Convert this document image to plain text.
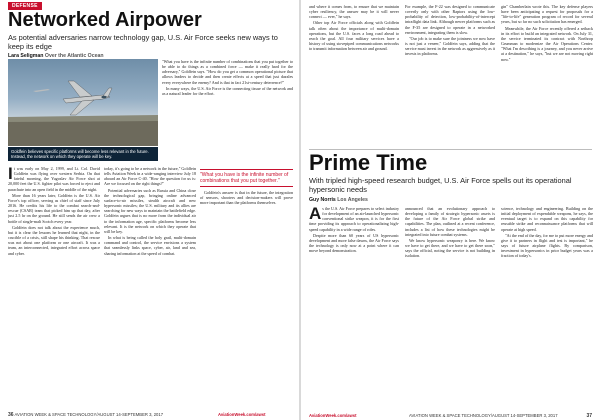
DEFENSE
Networked Airpower
As potential adversaries narrow technology gap, U.S. Air Force seeks new ways to keep its edge
Lara Seligman Over the Atlantic Ocean
Goldfein believes specific platforms will become less relevant in the future. Instead, the network on which they operate will be key.
I t was early on May 2, 1999, and Lt. Col. David Goldfein was flying over western Serbia. On that fateful morning, the Yugoslav Air Force shot at 20,000 feet the U.S. fighter pilot was forced to eject and parachute into an open field in the middle of the night.

More than 16 years later, Goldfein is the U.S. Air Force's top officer, serving as chief of staff since July 2016. He credits his life to the combat search-and-rescue (CSAR) team that picked him up that day, after just 2.5 hr on the ground. He still sends the air crew a bottle of single-malt Scotch every year.

Goldfein does not talk about the experience much, but it is clear the lessons he learned that night, in the crucible of a crisis, still shape his thinking. That rescue was not about one platform or one aircraft. It was a team, an interconnected, integrated effort across space and cyber.

today, it's going to be a network in the future," Goldfein tells Aviation Week in a wide-ranging interview July 18 aboard an Air Force C-40. "How the question for us is: Are we focused on the right things?"

Potential adversaries such as Russia and China close the technological gap, bringing online advanced surface-to-air missiles, stealth aircraft and new hypersonic missiles; the U.S. military and its allies are searching for new ways to maintain the battlefield edge. Goldfein argues that is no more from the individual air to the information age, specific platforms become less relevant. It is the network on which they operate that will be key.

In what is being called the holy grail, multi-domain command and control, the service envisions a system that seamlessly links space, cyber, air, land and sea, sharing information at the speed of combat.

"What you have is the infinite number of combinations that you put together to be able to do things as a combined force — make it really hard for the adversary," Goldfein says. "How do you get a common operational picture that allows leaders to decide and then create effects at a speed that just dazzles every everywhere the enemy? And is that in fact 21st-century deterrence?"

In many ways, the U.S. Air Force is the connecting tissue of the network and as a natural leader for the effort.

"What you have is the infinite number of combinations that you put together."

Goldfein's answer is that in the future, the integration of sensors, shooters and decision-makers will prove more important than the platforms themselves.

36 AVIATION WEEK & SPACE TECHNOLOGY/AUGUST 14-SEPTEMBER 3, 2017	AviationWeek.com/awst

and where it comes from, to ensure that we maintain cyber resiliency, the answer may be it will never connect — ever," he says.

Other top Air Force officials along with Goldfein talk often about the importance of multi-domain operations, but the U.S. faces a long road ahead to reach the goal. All four military services have a history of using stovepiped communications networks to transmit information between air and ground.

For example, the F-22 was designed to communicate covertly only with other Raptors using the low-probability of detection, low-probability-of-intercept intraflight data link. Although newer platforms such as the F-35 are designed to operate in a networked environment, integrating them is slow.

"Our job is to make sure the jointness we now have is not just a veneer," Goldfein says, adding that the service must invest in the network as aggressively as it invests in platforms.

gin" Chamberlain wrote this. The key defense players have been anticipating a request for proposals for a "life-to-life" generation program of record for several years, but so far no such solicitation has emerged.

Meanwhile, the Air Force recently offered a setback in its effort to build an integrated network. On July 31, the service terminated its contract with Northrop Grumman to modernize the Air Operations Center. "What I'm describing is a journey, and you never arrive at a destination," he says, "but we are not moving right now."

Prime Time
With tripled high-speed research budget, U.S. Air Force spells out its operational hypersonic needs
Guy Norris Los Angeles
A s the U.S. Air Force prepares to select industry for development of an air-launched hypersonic conventional strike weapon, it is for the first time providing its approach to operationalizing high-speed capability in a wide range of roles.

Despite more than 60 years of US hypersonic development and more false dawns, the Air Force says the technology is only now at a point where it can move beyond demonstration.

announced that an evolutionary approach to developing a family of strategic hypersonic assets is the future of the Air Force global strike and capabilities. The plan, outlined at a recent conference, includes a list of how these technologies might be integrated into future combat systems.

We know hypersonic weaponry is here. We know we have to get there, and we have to get there soon," says the official, noting the service is not building in isolation.

science, technology and engineering. Building on the initial deployment of expendable weapons, he says, the eventual target is to expand on this capability for reusable strike and reconnaissance platforms that will operate at high speed.

"At the end of the day, for me to put more energy and give it to partners in flight and test is important," he says of future airplane flights. By comparison, investment in hypersonics in prior budget years was a fraction of today's.

AviationWeek.com/awst	AVIATION WEEK & SPACE TECHNOLOGY/AUGUST 14-SEPTEMBER 3, 2017	37
